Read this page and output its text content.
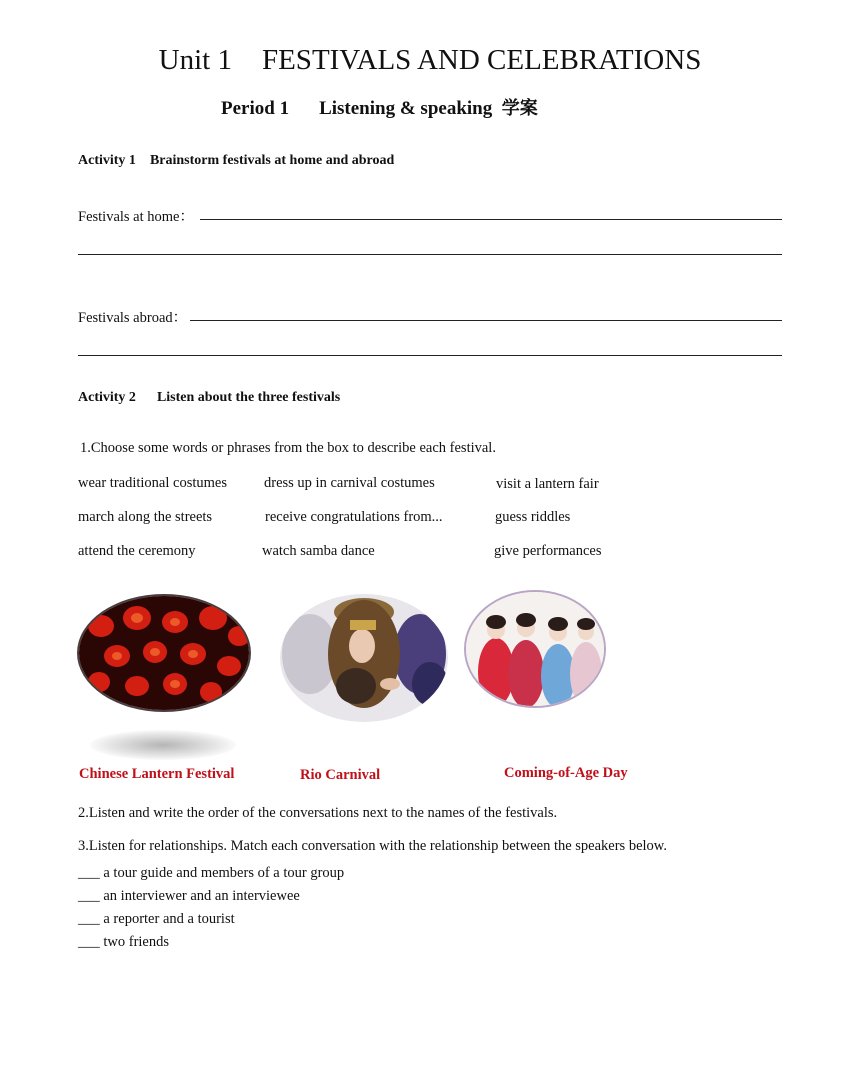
Unit 1 FESTIVALS AND CELEBRATIONS
Period 1 Listening & speaking 学案
Activity 1 Brainstorm festivals at home and abroad
Festivals at home：
Festivals abroad：
Activity 2 Listen about the three festivals
1.Choose some words or phrases from the box to describe each festival.
wear traditional costumes	dress up in carnival costumes	visit a lantern fair
march along the streets	receive congratulations from...	guess riddles
attend the ceremony	watch samba dance	give performances
Chinese Lantern Festival	Rio Carnival	Coming-of-Age Day
2.Listen and write the order of the conversations next to the names of the festivals.
3.Listen for relationships. Match each conversation with the relationship between the speakers below.
___ a tour guide and members of a tour group
___ an interviewer and an interviewee
___ a reporter and a tourist
___ two friends
